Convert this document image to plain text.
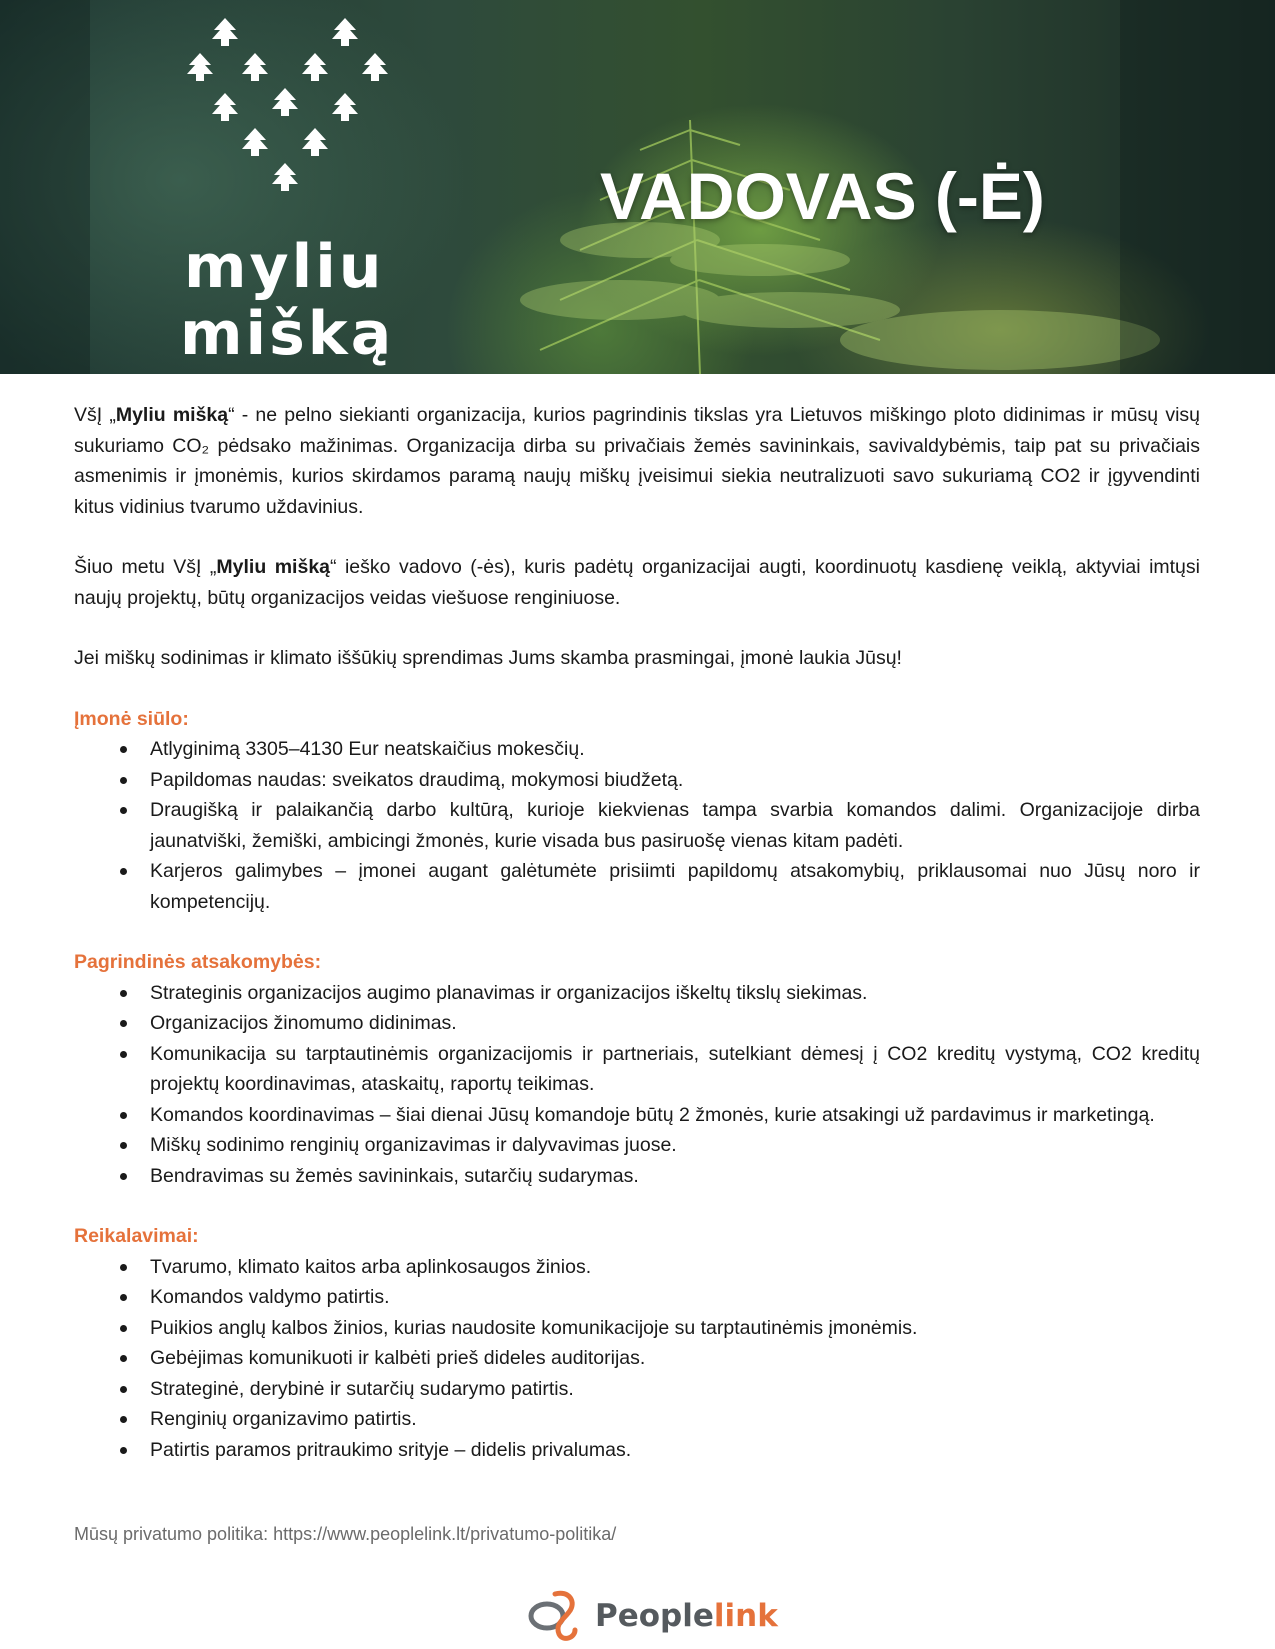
myliu
mišką
VADOVAS (-Ė)

VšĮ „Myliu mišką“ - ne pelno siekianti organizacija, kurios pagrindinis tikslas yra Lietuvos miškingo ploto didinimas ir mūsų visų sukuriamo CO₂ pėdsako mažinimas. Organizacija dirba su privačiais žemės savininkais, savivaldybėmis, taip pat su privačiais asmenimis ir įmonėmis, kurios skirdamos paramą naujų miškų įveisimui siekia neutralizuoti savo sukuriamą CO2 ir įgyvendinti kitus vidinius tvarumo uždavinius.

Šiuo metu VšĮ „Myliu mišką“ ieško vadovo (-ės), kuris padėtų organizacijai augti, koordinuotų kasdienę veiklą, aktyviai imtųsi naujų projektų, būtų organizacijos veidas viešuose renginiuose.

Jei miškų sodinimas ir klimato iššūkių sprendimas Jums skamba prasmingai, įmonė laukia Jūsų!

Įmonė siūlo:

Atlyginimą 3305–4130 Eur neatskaičius mokesčių.
Papildomas naudas: sveikatos draudimą, mokymosi biudžetą.
Draugišką ir palaikančią darbo kultūrą, kurioje kiekvienas tampa svarbia komandos dalimi. Organizacijoje dirba jaunatviški, žemiški, ambicingi žmonės, kurie visada bus pasiruošę vienas kitam padėti.
Karjeros galimybes – įmonei augant galėtumėte prisiimti papildomų atsakomybių, priklausomai nuo Jūsų noro ir kompetencijų.

Pagrindinės atsakomybės:

Strateginis organizacijos augimo planavimas ir organizacijos iškeltų tikslų siekimas.
Organizacijos žinomumo didinimas.
Komunikacija su tarptautinėmis organizacijomis ir partneriais, sutelkiant dėmesį į CO2 kreditų vystymą, CO2 kreditų projektų koordinavimas, ataskaitų, raportų teikimas.
Komandos koordinavimas – šiai dienai Jūsų komandoje būtų 2 žmonės, kurie atsakingi už pardavimus ir marketingą.
Miškų sodinimo renginių organizavimas ir dalyvavimas juose.
Bendravimas su žemės savininkais, sutarčių sudarymas.

Reikalavimai:

Tvarumo, klimato kaitos arba aplinkosaugos žinios.
Komandos valdymo patirtis.
Puikios anglų kalbos žinios, kurias naudosite komunikacijoje su tarptautinėmis įmonėmis.
Gebėjimas komunikuoti ir kalbėti prieš dideles auditorijas.
Strateginė, derybinė ir sutarčių sudarymo patirtis.
Renginių organizavimo patirtis.
Patirtis paramos pritraukimo srityje – didelis privalumas.
Mūsų privatumo politika: https://www.peoplelink.lt/privatumo-politika/
Peoplelink
